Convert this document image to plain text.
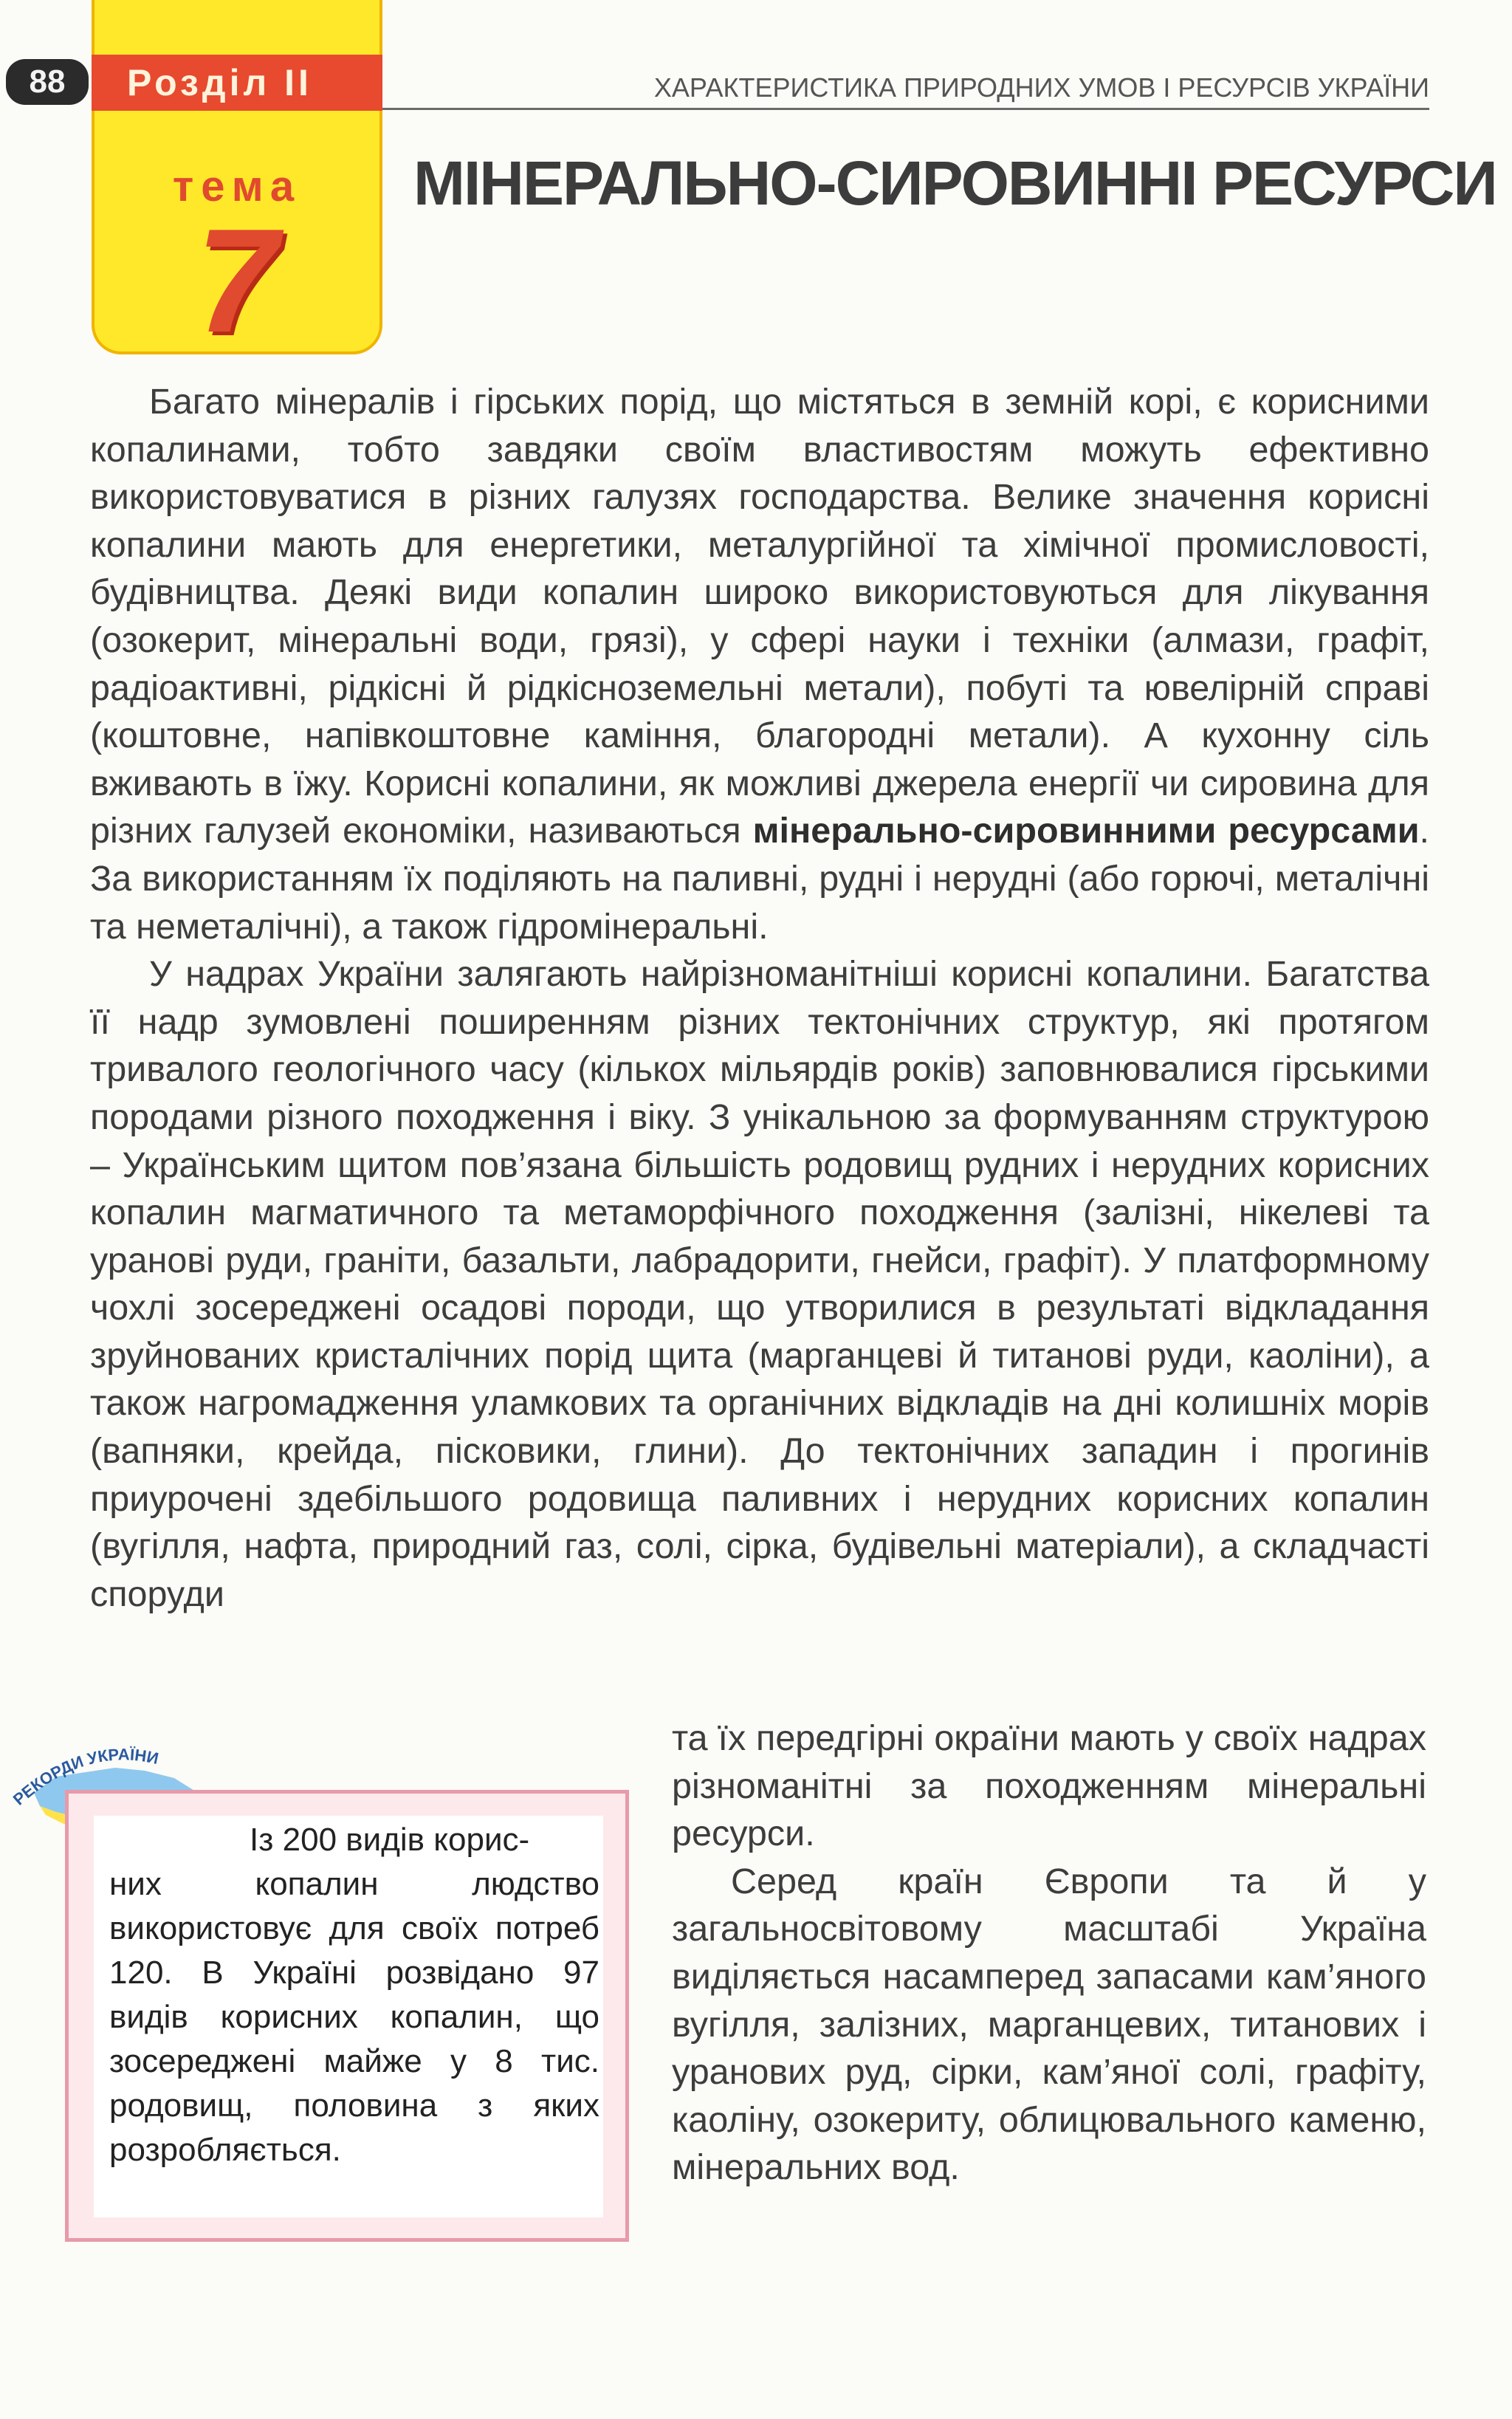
Розділ II
88
тема
7
ХАРАКТЕРИСТИКА ПРИРОДНИХ УМОВ І РЕСУРСІВ УКРАЇНИ
МІНЕРАЛЬНО-СИРОВИННІ РЕСУРСИ

Багато мінералів і гірських порід, що містяться в земній корі, є корисними копалинами, тобто завдяки своїм властивостям можуть ефективно використовуватися в різних галузях господарства. Велике значення корисні копалини мають для енергетики, металургійної та хімічної промисловості, будівництва. Деякі види копалин широко використовуються для лікування (озокерит, мінеральні води, грязі), у сфері науки і техніки (алмази, графіт, радіоактивні, рідкісні й рідкісноземельні метали), побуті та ювелірній справі (коштовне, напівкоштовне каміння, благородні метали). А кухонну сіль вживають в їжу. Корисні копалини, як можливі джерела енергії чи сировина для різних галузей економіки, називаються мінерально-сировинними ресурсами. За використанням їх поділяють на паливні, рудні і нерудні (або горючі, металічні та неметалічні), а також гідромінеральні.

У надрах України залягають найрізноманітніші корисні копалини. Багатства її надр зумовлені поширенням різних тектонічних структур, які протягом тривалого геологічного часу (кількох мільярдів років) заповнювалися гірськими породами різного походження і віку. З унікальною за формуванням структурою – Українським щитом пов’язана більшість родовищ рудних і нерудних корисних копалин магматичного та метаморфічного походження (залізні, нікелеві та уранові руди, граніти, базальти, лабрадорити, гнейси, графіт). У платформному чохлі зосереджені осадові породи, що утворилися в результаті відкладання зруйнованих кристалічних порід щита (марганцеві й титанові руди, каоліни), а також нагромадження уламкових та органічних відкладів на дні колишніх морів (вапняки, крейда, пісковики, глини). До тектонічних западин і прогинів приурочені здебільшого родовища паливних і нерудних корисних копалин (вугілля, нафта, природний газ, солі, сірка, будівельні матеріали), а складчасті споруди

та їх передгірні окраїни мають у своїх надрах різноманітні за походженням мінеральні ресурси.

Серед країн Європи та й у загальносвітовому масштабі Україна виділяється насамперед запасами кам’яного вугілля, залізних, марганцевих, титанових і уранових руд, сірки, кам’яної солі, графіту, каоліну, озокериту, облицювального каменю, мінеральних вод.

РЕКОРДИ УКРАЇНИ
Із 200 видів корис-
них копалин людство використовує для своїх потреб 120. В Україні розвідано 97 видів корисних копалин, що зосереджені майже у 8 тис. родовищ, половина з яких розробляється.
